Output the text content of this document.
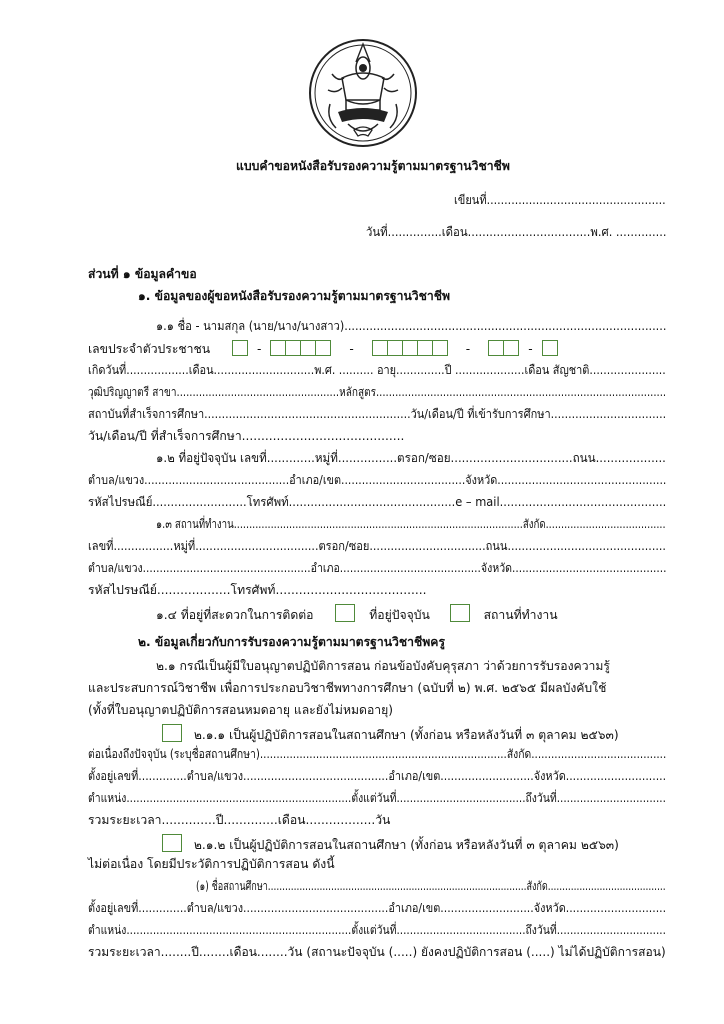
แบบคำขอหนังสือรับรองความรู้ตามมาตรฐานวิชาชีพ
เขียนที่...................................................
วันที่...............เดือน..................................พ.ศ. ..............
ส่วนที่ ๑ ข้อมูลคำขอ
๑. ข้อมูลของผู้ขอหนังสือรับรองความรู้ตามมาตรฐานวิชาชีพ
๑.๑ ชื่อ - นามสกุล (นาย/นาง/นางสาว)..........................................................................................
เลขประจำตัวประชาชน	-	-	-	-
เกิดวันที่..................เดือน.............................พ.ศ. .......... อายุ..............ปี ....................เดือน สัญชาติ......................
วุฒิปริญญาตรี สาขา...................................................หลักสูตร...........................................................................................
สถาบันที่สำเร็จการศึกษา...........................................................วัน/เดือน/ปี ที่เข้ารับการศึกษา.................................
วัน/เดือน/ปี ที่สำเร็จการศึกษา..........................................
๑.๒ ที่อยู่ปัจจุบัน เลขที่.............หมู่ที่................ตรอก/ซอย.................................ถนน...................
ตำบล/แขวง..........................................อำเภอ/เขต....................................จังหวัด.................................................
รหัสไปรษณีย์..........................โทรศัพท์..............................................e – mail..............................................
๑.๓ สถานที่ทำงาน..............................................................................................สังกัด.......................................
เลขที่.................หมู่ที่...................................ตรอก/ซอย.................................ถนน.............................................
ตำบล/แขวง..................................................อำเภอ..........................................จังหวัด..............................................
รหัสไปรษณีย์...................โทรศัพท์.......................................
๑.๔ ที่อยู่ที่สะดวกในการติดต่อ	ที่อยู่ปัจจุบัน	สถานที่ทำงาน
๒. ข้อมูลเกี่ยวกับการรับรองความรู้ตามมาตรฐานวิชาชีพครู
๒.๑ กรณีเป็นผู้มีใบอนุญาตปฏิบัติการสอน ก่อนข้อบังคับคุรุสภา ว่าด้วยการรับรองความรู้
และประสบการณ์วิชาชีพ เพื่อการประกอบวิชาชีพทางการศึกษา (ฉบับที่ ๒) พ.ศ. ๒๕๖๕ มีผลบังคับใช้
(ทั้งที่ใบอนุญาตปฏิบัติการสอนหมดอายุ และยังไม่หมดอายุ)
๒.๑.๑ เป็นผู้ปฏิบัติการสอนในสถานศึกษา (ทั้งก่อน หรือหลังวันที่ ๓ ตุลาคม ๒๕๖๓)
ต่อเนื่องถึงปัจจุบัน (ระบุชื่อสถานศึกษา)...........................................................................สังกัด.........................................
ตั้งอยู่เลขที่..............ตำบล/แขวง..........................................อำเภอ/เขต...........................จังหวัด.............................
ตำแหน่ง....................................................................ตั้งแต่วันที่.......................................ถึงวันที่.................................
รวมระยะเวลา..............ปี..............เดือน..................วัน
๒.๑.๒ เป็นผู้ปฏิบัติการสอนในสถานศึกษา (ทั้งก่อน หรือหลังวันที่ ๓ ตุลาคม ๒๕๖๓)
ไม่ต่อเนื่อง โดยมีประวัติการปฏิบัติการสอน ดังนี้
(๑) ชื่อสถานศึกษา..........................................................................................สังกัด.........................................
ตั้งอยู่เลขที่..............ตำบล/แขวง..........................................อำเภอ/เขต...........................จังหวัด.............................
ตำแหน่ง....................................................................ตั้งแต่วันที่.......................................ถึงวันที่.................................
รวมระยะเวลา........ปี........เดือน........วัน (สถานะปัจจุบัน (.....) ยังคงปฏิบัติการสอน (.....) ไม่ได้ปฏิบัติการสอน)
